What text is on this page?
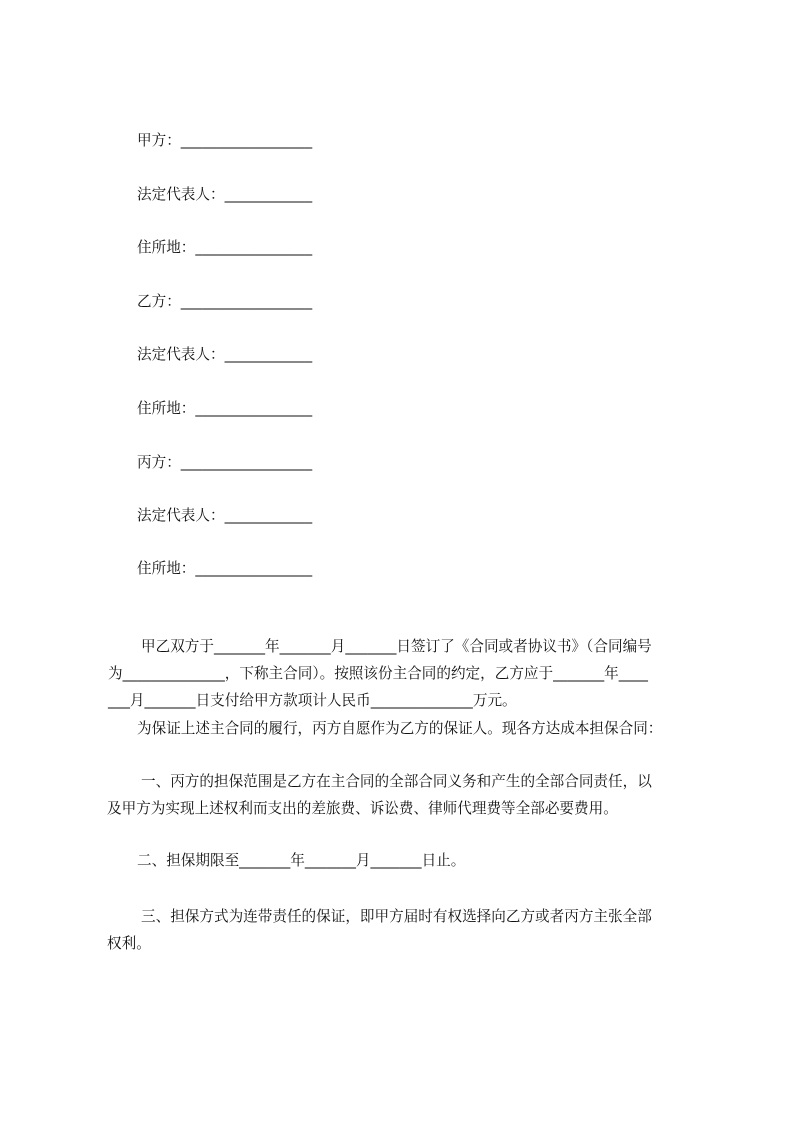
甲方：__________________

法定代表人：____________

住所地：________________

乙方：__________________

法定代表人：____________

住所地：________________

丙方：__________________

法定代表人：____________

住所地：________________

甲乙双方于_______年_______月_______日签订了《合同或者协议书》（合同编号
为______________，下称主合同）。按照该份主合同的约定，乙方应于_______年____
___月_______日支付给甲方款项计人民币______________万元。
为保证上述主合同的履行，丙方自愿作为乙方的保证人。现各方达成本担保合同：
一、丙方的担保范围是乙方在主合同的全部合同义务和产生的全部合同责任，以
及甲方为实现上述权利而支出的差旅费、诉讼费、律师代理费等全部必要费用。
二、担保期限至_______年_______月_______日止。
三、担保方式为连带责任的保证，即甲方届时有权选择向乙方或者丙方主张全部
权利。
